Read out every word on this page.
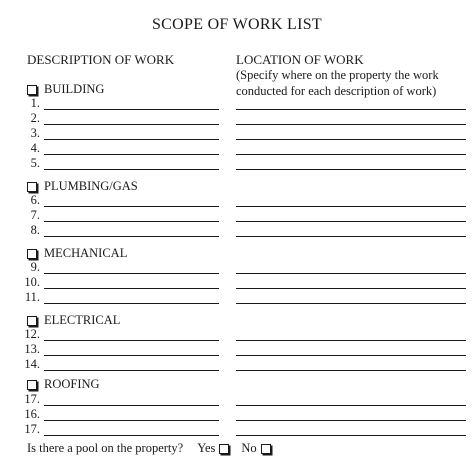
SCOPE OF WORK LIST
DESCRIPTION OF WORK	LOCATION OF WORK
(Specify where on the property the work conducted for each description of work)
BUILDING
1.
2.
3.
4.
5.
PLUMBING/GAS
6.
7.
8.
MECHANICAL
9.
10.
11.
ELECTRICAL
12.
13.
14.
ROOFING
17.
16.
17.
Is there a pool on the property? Yes No
